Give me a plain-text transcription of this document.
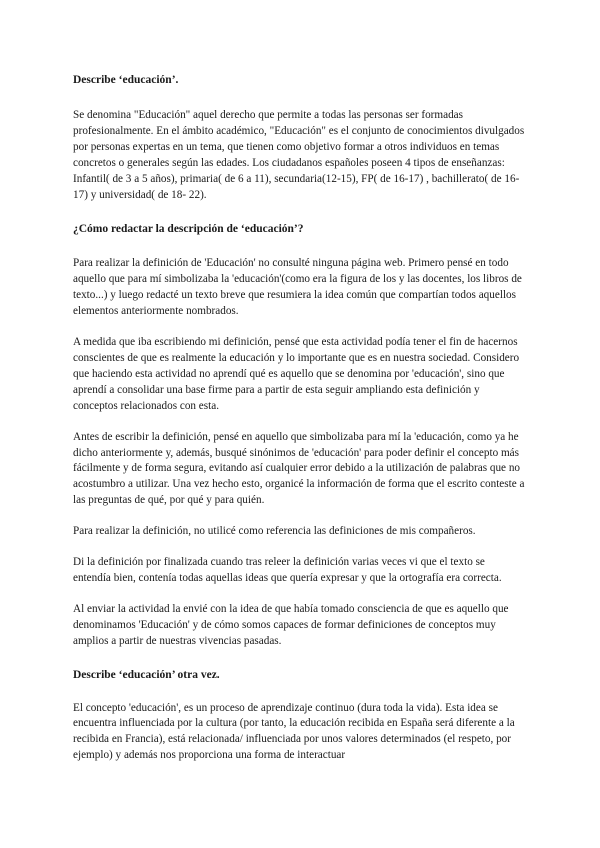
Describe ‘educación’.

Se denomina "Educación" aquel derecho que permite a todas las personas ser formadas profesionalmente. En el ámbito académico, "Educación" es el conjunto de conocimientos divulgados por personas expertas en un tema, que tienen como objetivo formar a otros individuos en temas concretos o generales según las edades. Los ciudadanos españoles poseen 4 tipos de enseñanzas: Infantil( de 3 a 5 años), primaria( de 6 a 11), secundaria(12-15), FP( de 16-17) , bachillerato( de 16-17) y universidad( de 18- 22).

¿Cómo redactar la descripción de ‘educación’?

Para realizar la definición de 'Educación' no consulté ninguna página web. Primero pensé en todo aquello que para mí simbolizaba la 'educación'(como era la figura de los y las docentes, los libros de texto...) y luego redacté un texto breve que resumiera la idea común que compartían todos aquellos elementos anteriormente nombrados.

A medida que iba escribiendo mi definición, pensé que esta actividad podía tener el fin de hacernos conscientes de que es realmente la educación y lo importante que es en nuestra sociedad. Considero que haciendo esta actividad no aprendí qué es aquello que se denomina por 'educación', sino que aprendí a consolidar una base firme para a partir de esta seguir ampliando esta definición y conceptos relacionados con esta.

Antes de escribir la definición, pensé en aquello que simbolizaba para mí la 'educación, como ya he dicho anteriormente y, además, busqué sinónimos de 'educación' para poder definir el concepto más fácilmente y de forma segura, evitando así cualquier error debido a la utilización de palabras que no acostumbro a utilizar. Una vez hecho esto, organicé la información de forma que el escrito conteste a las preguntas de qué, por qué y para quién.

Para realizar la definición, no utilicé como referencia las definiciones de mis compañeros.

Di la definición por finalizada cuando tras releer la definición varias veces vi que el texto se entendía bien, contenía todas aquellas ideas que quería expresar y que la ortografía era correcta.

Al enviar la actividad la envié con la idea de que había tomado consciencia de que es aquello que denominamos 'Educación' y de cómo somos capaces de formar definiciones de conceptos muy amplios a partir de nuestras vivencias pasadas.

Describe ‘educación’ otra vez.

El concepto 'educación', es un proceso de aprendizaje continuo (dura toda la vida). Esta idea se encuentra influenciada por la cultura (por tanto, la educación recibida en España será diferente a la recibida en Francia), está relacionada/ influenciada por unos valores determinados (el respeto, por ejemplo) y además nos proporciona una forma de interactuar
